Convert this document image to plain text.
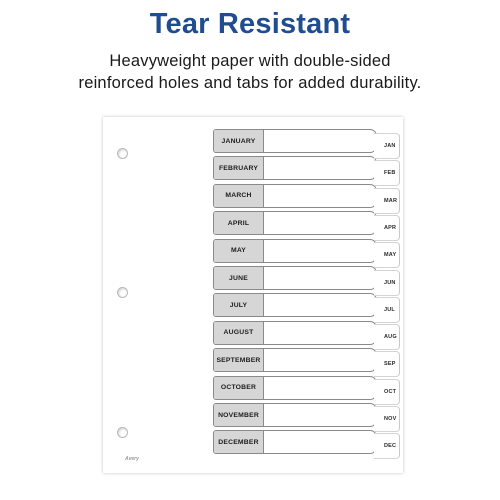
Tear Resistant
Heavyweight paper with double-sided
reinforced holes and tabs for added durability.
Avery
JANUARY
FEBRUARY
MARCH
APRIL
MAY
JUNE
JULY
AUGUST
SEPTEMBER
OCTOBER
NOVEMBER
DECEMBER
JAN
FEB
MAR
APR
MAY
JUN
JUL
AUG
SEP
OCT
NOV
DEC
